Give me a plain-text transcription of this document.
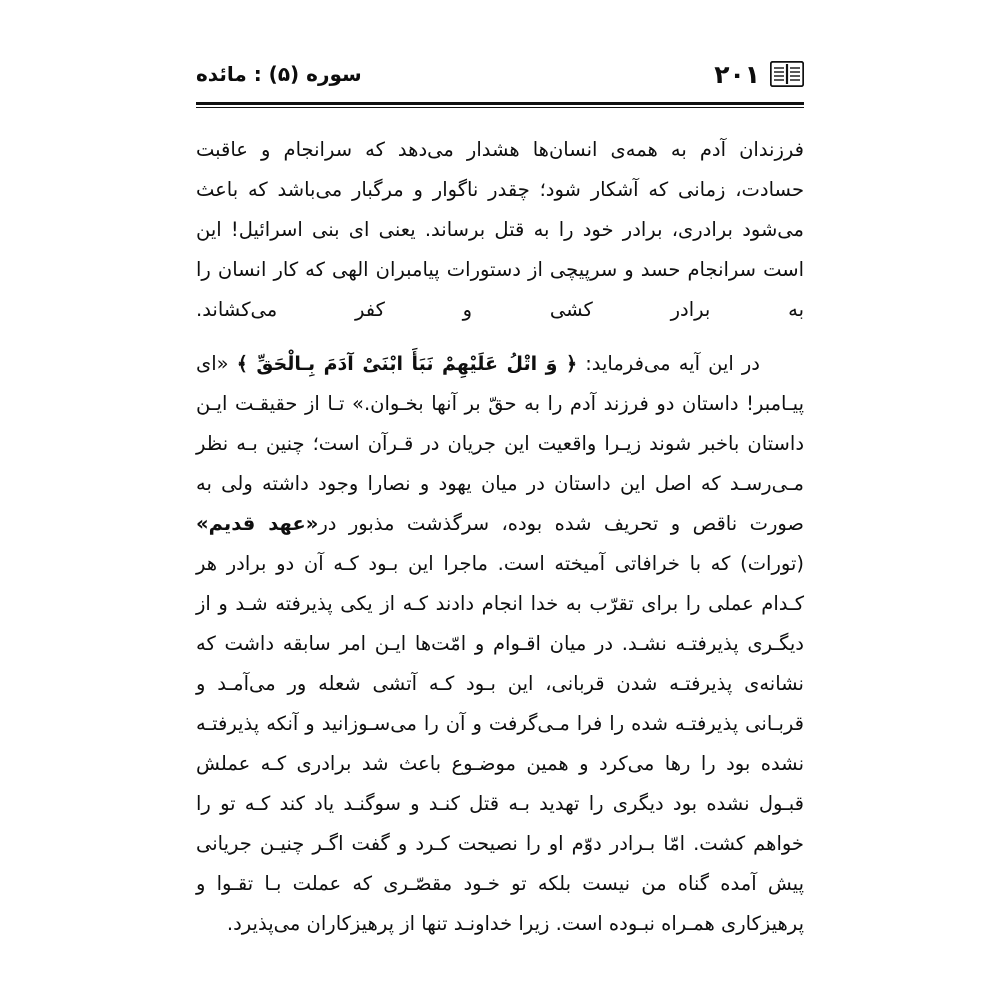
۲۰۱
سوره (۵) : مائده

فرزندان آدم به همه‌ی انسان‌ها هشدار می‌دهد که سرانجام و عاقبت حسادت، زمانی که آشکار شود؛ چقدر ناگوار و مرگبار می‌باشد که باعث می‌شود برادری، برادر خود را به قتل برساند. یعنی ای بنی اسرائیل! این است سرانجام حسد و سرپیچی از دستورات پیامبران الهی که کار انسان را به برادر کشی و کفر می‌کشاند.

در این آیه می‌فرماید: ﴿ وَ اتْلُ عَلَیْهِمْ نَبَأَ ابْنَیْ آدَمَ بِـالْحَقِّ ﴾ «ای پیـامبر! داستان دو فرزند آدم را به حقّ بر آنها بخـوان.» تـا از حقیقـت ایـن داستان باخبر شوند زیـرا واقعیت این جریان در قـرآن است؛ چنین بـه نظر مـی‌رسـد که اصل این داستان در میان یهود و نصارا وجود داشته ولی به صورت ناقص و تحریف شده بوده، سرگذشت مذبور در«عهد قدیم» (تورات) که با خرافاتی آمیخته است. ماجرا این بـود کـه آن دو برادر هر کـدام عملی را برای تقرّب به خدا انجام دادند کـه از یکی پذیرفته شـد و از دیگـری پذیرفتـه نشـد. در میان اقـوام و امّت‌ها ایـن امر سابقه داشت که نشانه‌ی پذیرفتـه شدن قربانی، این بـود کـه آتشی شعله ور می‌آمـد و قربـانی پذیرفتـه شده را فرا مـی‌گرفت و آن را می‌سـوزانید و آنکه پذیرفتـه نشده بود را رها می‌کرد و همین موضـوع باعث شد برادری کـه عملش قبـول نشده بود دیگری را تهدید بـه قتل کنـد و سوگنـد یاد کند کـه تو را خواهم کشت. امّا بـرادر دوّم او را نصیحت کـرد و گفت اگـر چنیـن جریانی پیش آمده گناه من نیست بلکه تو خـود مقصّـری که عملت بـا تقـوا و پرهیزکاری همـراه نبـوده است. زیرا خداونـد تنها از پرهیزکاران می‌پذیرد.
